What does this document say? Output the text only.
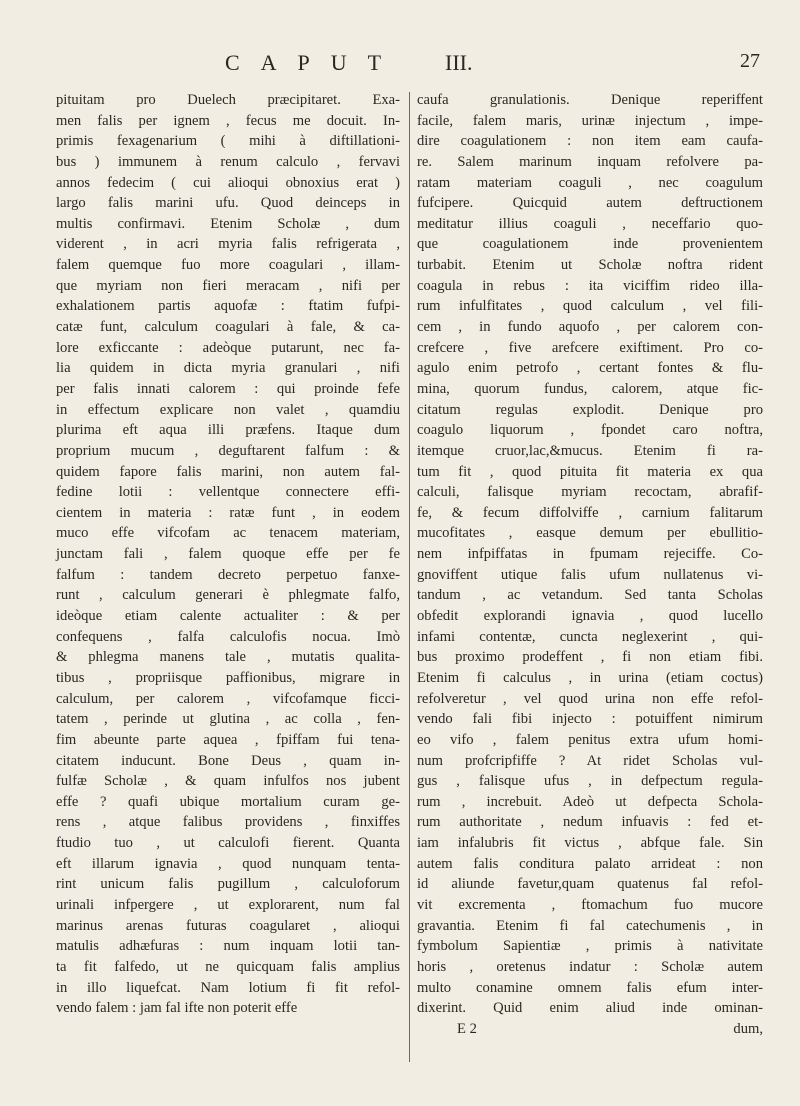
CAPUT III.	27
pituitam pro Duelech præcipitaret. Exa-
men falis per ignem , fecus me docuit. In-
primis fexagenarium ( mihi à diftillationi-
bus ) immunem à renum calculo , fervavi
annos fedecim ( cui alioqui obnoxius erat )
largo falis marini ufu. Quod deinceps in
multis confirmavi. Etenim Scholæ , dum
viderent , in acri myria falis refrigerata ,
falem quemque fuo more coagulari , illam-
que myriam non fieri meracam , nifi per
exhalationem partis aquofæ : ftatim fufpi-
catæ funt, calculum coagulari à fale, & ca-
lore exficcante : adeòque putarunt, nec fa-
lia quidem in dicta myria granulari , nifi
per falis innati calorem : qui proinde fefe
in effectum explicare non valet , quamdiu
plurima eft aqua illi præfens. Itaque dum
proprium mucum , deguftarent falfum : &
quidem fapore falis marini, non autem fal-
fedine lotii : vellentque connectere effi-
cientem in materia : ratæ funt , in eodem
muco effe vifcofam ac tenacem materiam,
junctam fali , falem quoque effe per fe
falfum : tandem decreto perpetuo fanxe-
runt , calculum generari è phlegmate falfo,
ideòque etiam calente actualiter : & per
confequens , falfa calculofis nocua. Imò
& phlegma manens tale , mutatis qualita-
tibus , propriisque paffionibus, migrare in
calculum, per calorem , vifcofamque ficci-
tatem , perinde ut glutina , ac colla , fen-
fim abeunte parte aquea , fpiffam fui tena-
citatem inducunt. Bone Deus , quam in-
fulfæ Scholæ , & quam infulfos nos jubent
effe ? quafi ubique mortalium curam ge-
rens , atque falibus providens , finxiffes
ftudio tuo , ut calculofi fierent. Quanta
eft illarum ignavia , quod nunquam tenta-
rint unicum falis pugillum , calculoforum
urinali infpergere , ut explorarent, num fal
marinus arenas futuras coagularet , alioqui
matulis adhæfuras : num inquam lotii tan-
ta fit falfedo, ut ne quicquam falis amplius
in illo liquefcat. Nam lotium fi fit refol-
vendo falem : jam fal ifte non poterit effe
caufa granulationis. Denique reperiffent
facile, falem maris, urinæ injectum , impe-
dire coagulationem : non item eam caufa-
re. Salem marinum inquam refolvere pa-
ratam materiam coaguli , nec coagulum
fufcipere. Quicquid autem deftructionem
meditatur illius coaguli , neceffario quo-
que coagulationem inde provenientem
turbabit. Etenim ut Scholæ noftra rident
coagula in rebus : ita viciffim rideo illa-
rum infulfitates , quod calculum , vel fili-
cem , in fundo aquofo , per calorem con-
crefcere , five arefcere exiftiment. Pro co-
agulo enim petrofo , certant fontes & flu-
mina, quorum fundus, calorem, atque fic-
citatum regulas explodit. Denique pro
coagulo liquorum , fpondet caro noftra,
itemque cruor,lac,&mucus. Etenim fi ra-
tum fit , quod pituita fit materia ex qua
calculi, falisque myriam recoctam, abrafif-
fe, & fecum diffolviffe , carnium falitarum
mucofitates , easque demum per ebullitio-
nem infpiffatas in fpumam rejeciffe. Co-
gnoviffent utique falis ufum nullatenus vi-
tandum , ac vetandum. Sed tanta Scholas
obfedit explorandi ignavia , quod lucello
infami contentæ, cuncta neglexerint , qui-
bus proximo prodeffent , fi non etiam fibi.
Etenim fi calculus , in urina (etiam coctus)
refolveretur , vel quod urina non effe refol-
vendo fali fibi injecto : potuiffent nimirum
eo vifo , falem penitus extra ufum homi-
num profcripfiffe ? At ridet Scholas vul-
gus , falisque ufus , in defpectum regula-
rum , increbuit. Adeò ut defpecta Schola-
rum authoritate , nedum infuavis : fed et-
iam infalubris fit victus , abfque fale. Sin
autem falis conditura palato arrideat : non
id aliunde favetur,quam quatenus fal refol-
vit excrementa , ftomachum fuo mucore
gravantia. Etenim fi fal catechumenis , in
fymbolum Sapientiæ , primis à nativitate
horis , oretenus indatur : Scholæ autem
multo conamine omnem falis efum inter-
dixerint. Quid enim aliud inde ominan-
E 2	dum,
